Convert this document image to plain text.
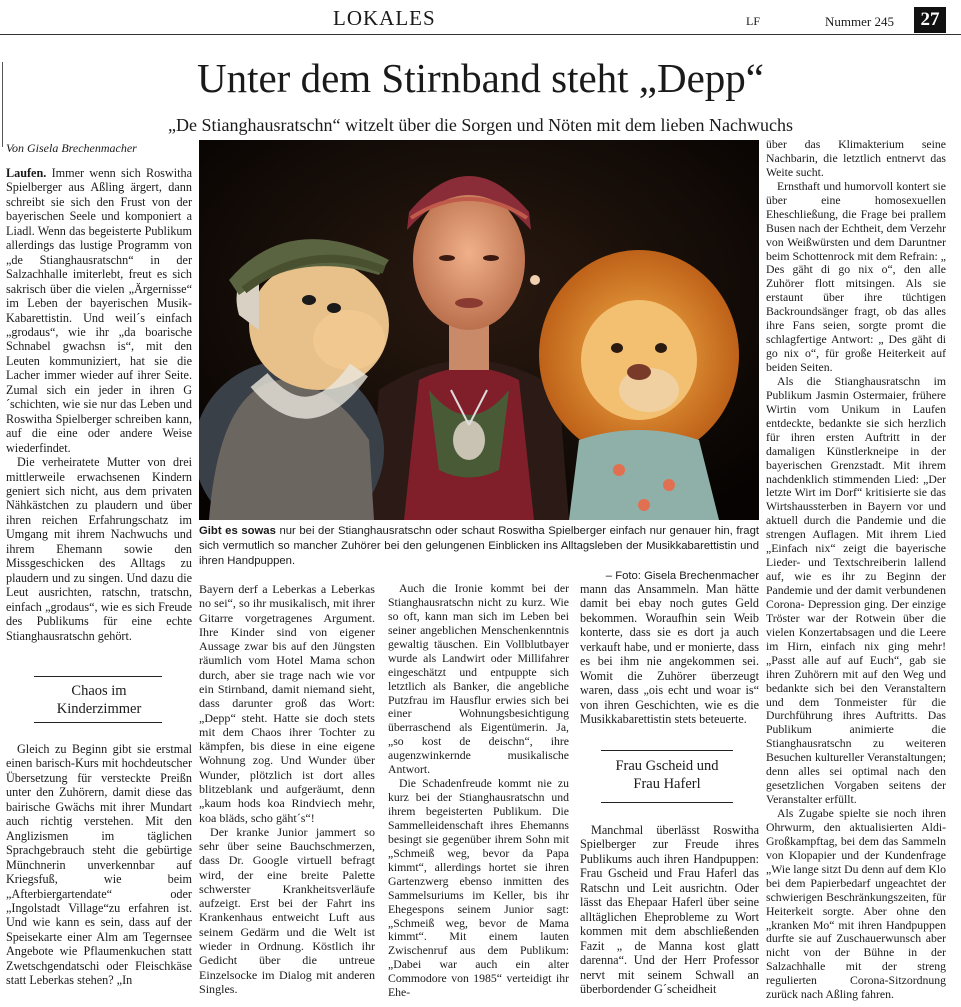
LOKALES	LF	Nummer 245	27
Unter dem Stirnband steht „Depp“
„De Stianghausratschn“ witzelt über die Sorgen und Nöten mit dem lieben Nachwuchs
Von Gisela Brechenmacher

Laufen. Immer wenn sich Roswitha Spielberger aus Aßling ärgert, dann schreibt sie sich den Frust von der bayerischen Seele und komponiert a Liadl. Wenn das begeisterte Publikum allerdings das lustige Programm von „de Stianghausratschn“ in der Salzachhalle imiterlebt, freut es sich sakrisch über die vielen „Ärgernisse“ im Leben der bayerischen Musik-Kabarettistin. Und weil´s einfach „grodaus“, wie ihr „da boarische Schnabel gwachsn is“, mit den Leuten kommuniziert, hat sie die Lacher immer wieder auf ihrer Seite. Zumal sich ein jeder in ihren G´schichten, wie sie nur das Leben und Roswitha Spielberger schreiben kann, auf die eine oder andere Weise wiederfindet.

Die verheiratete Mutter von drei mittlerweile erwachsenen Kindern geniert sich nicht, aus dem privaten Nähkästchen zu plaudern und über ihren reichen Erfahrungschatz im Umgang mit ihrem Nachwuchs und ihrem Ehemann sowie den Missgeschicken des Alltags zu plaudern und zu singen. Und dazu die Leut ausrichten, ratschn, tratschn, einfach „grodaus“, wie es sich Freude des Publikums für eine echte Stianghausratschn gehört.

Chaos im Kinderzimmer

Gleich zu Beginn gibt sie erstmal einen barisch-Kurs mit hochdeutscher Übersetzung für versteckte Preißn unter den Zuhörern, damit diese das bairische Gwächs mit ihrer Mundart auch richtig verstehen. Mit den Anglizismen im täglichen Sprachgebrauch steht die gebürtige Münchnerin unverkennbar auf Kriegsfuß, wie beim „Afterbiergartendate“ oder „Ingolstadt Village“zu erfahren ist. Und wie kann es sein, dass auf der Speisekarte einer Alm am Tegernsee Angebote wie Pflaumenkuchen statt Zwetschgendatschi oder Fleischkäse statt Leberkas stehen? „In

Gibt es sowas nur bei der Stianghausratschn oder schaut Roswitha Spielberger einfach nur genauer hin, fragt sich vermutlich so mancher Zuhörer bei den gelungenen Einblicken ins Alltagsleben der Musikkabarettistin und ihren Handpuppen.
– Foto: Gisela Brechenmacher

Bayern derf a Leberkas a Leberkas no sei“, so ihr musikalisch, mit ihrer Gitarre vorgetragenes Argument. Ihre Kinder sind von eigener Aussage zwar bis auf den Jüngsten räumlich vom Hotel Mama schon durch, aber sie trage nach wie vor ein Stirnband, damit niemand sieht, dass darunter groß das Wort: „Depp“ steht. Hatte sie doch stets mit dem Chaos ihrer Tochter zu kämpfen, bis diese in eine eigene Wohnung zog. Und Wunder über Wunder, plötzlich ist dort alles blitzeblank und aufgeräumt, denn „kaum hods koa Rindviech mehr, koa bläds, scho gäht´s“!

Der kranke Junior jammert so sehr über seine Bauchschmerzen, dass Dr. Google virtuell befragt wird, der eine breite Palette schwerster Krankheitsverläufe aufzeigt. Erst bei der Fahrt ins Krankenhaus entweicht Luft aus seinem Gedärm und die Welt ist wieder in Ordnung. Köstlich ihr Gedicht über die untreue Einzelsocke im Dialog mit anderen Singles.

Auch die Ironie kommt bei der Stianghausratschn nicht zu kurz. Wie so oft, kann man sich im Leben bei seiner angeblichen Menschenkenntnis gewaltig täuschen. Ein Vollblutbayer wurde als Landwirt oder Millifahrer eingeschätzt und entpuppte sich letztlich als Banker, die angebliche Putzfrau im Hausflur erwies sich bei einer Wohnungsbesichtigung überraschend als Eigentümerin. Ja, „so kost de deischn“, ihre augenzwinkernde musikalische Antwort.

Die Schadenfreude kommt nie zu kurz bei der Stianghausratschn und ihrem begeisterten Publikum. Die Sammelleidenschaft ihres Ehemanns besingt sie gegenüber ihrem Sohn mit „Schmeiß weg, bevor da Papa kimmt“, allerdings hortet sie ihren Gartenzwerg ebenso inmitten des Sammelsuriums im Keller, bis ihr Ehegespons seinem Junior sagt: „Schmeiß weg, bevor de Mama kimmt“. Mit einem lauten Zwischenruf aus dem Publikum: „Dabei war auch ein alter Commodore von 1985“ verteidigt ihr Ehe-

mann das Ansammeln. Man hätte damit bei ebay noch gutes Geld bekommen. Woraufhin sein Weib konterte, dass sie es dort ja auch verkauft habe, und er monierte, dass es bei ihm nie angekommen sei. Womit die Zuhörer überzeugt waren, dass „ois echt und woar is“ von ihren Geschichten, wie es die Musikkabarettistin stets beteuerte.

Frau Gscheid und Frau Haferl

Manchmal überlässt Roswitha Spielberger zur Freude ihres Publikums auch ihren Handpuppen: Frau Gscheid und Frau Haferl das Ratschn und Leit ausrichtn. Oder lässt das Ehepaar Haferl über seine alltäglichen Eheprobleme zu Wort kommen mit dem abschließenden Fazit „ de Manna kost glatt darenna“. Und der Herr Professor nervt mit seinem Schwall an überbordender G´scheidheit

über das Klimakterium seine Nachbarin, die letztlich entnervt das Weite sucht.

Ernsthaft und humorvoll kontert sie über eine homosexuellen Eheschließung, die Frage bei prallem Busen nach der Echtheit, dem Verzehr von Weißwürsten und dem Daruntner beim Schottenrock mit dem Refrain: „ Des gäht di go nix o“, den alle Zuhörer flott mitsingen. Als sie erstaunt über ihre tüchtigen Backroundsänger fragt, ob das alles ihre Fans seien, sorgte promt die schlagfertige Antwort: „ Des gäht di go nix o“, für große Heiterkeit auf beiden Seiten.

Als die Stianghausratschn im Publikum Jasmin Ostermaier, frühere Wirtin vom Unikum in Laufen entdeckte, bedankte sie sich herzlich für ihren ersten Auftritt in der damaligen Künstlerkneipe in der bayerischen Grenzstadt. Mit ihrem nachdenklich stimmenden Lied: „Der letzte Wirt im Dorf“ kritisierte sie das Wirtshaussterben in Bayern vor und aktuell durch die Pandemie und die strengen Auflagen. Mit ihrem Lied „Einfach nix“ zeigt die bayerische Lieder- und Textschreiberin lallend auf, wie es ihr zu Beginn der Pandemie und der damit verbundenen Corona- Depression ging. Der einzige Tröster war der Rotwein über die vielen Konzertabsagen und die Leere im Hirn, einfach nix ging mehr! „Passt alle auf auf Euch“, gab sie ihren Zuhörern mit auf den Weg und bedankte sich bei den Veranstaltern und dem Tonmeister für die Durchführung ihres Auftritts. Das Publikum animierte die Stianghausratschn zu weiteren Besuchen kultureller Veranstaltungen; denn alles sei optimal nach den gesetzlichen Vorgaben seitens der Veranstalter erfüllt.

Als Zugabe spielte sie noch ihren Ohrwurm, den aktualisierten Aldi-Großkampftag, bei dem das Sammeln von Klopapier und der Kundenfrage „Wie lange sitzt Du denn auf dem Klo bei dem Papierbedarf ungeachtet der schwierigen Beschränkungszeiten, für Heiterkeit sorgte. Aber ohne den „kranken Mo“ mit ihren Handpuppen durfte sie auf Zuschauerwunsch aber nicht von der Bühne in der Salzachhalle mit der streng regulierten Corona-Sitzordnung zurück nach Aßling fahren.
